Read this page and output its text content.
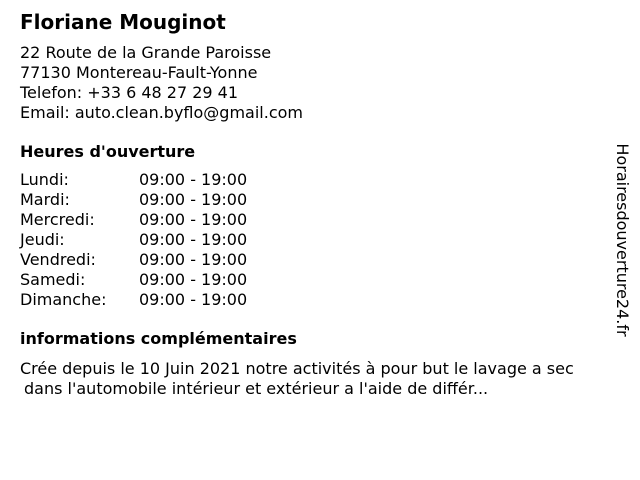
Floriane Mouginot
22 Route de la Grande Paroisse
77130 Montereau-Fault-Yonne
Telefon: +33 6 48 27 29 41
Email: auto.clean.byflo@gmail.com
Heures d'ouverture
Lundi:	09:00 - 19:00
Mardi:	09:00 - 19:00
Mercredi:	09:00 - 19:00
Jeudi:	09:00 - 19:00
Vendredi:	09:00 - 19:00
Samedi:	09:00 - 19:00
Dimanche:	09:00 - 19:00
informations complémentaires
Crée depuis le 10 Juin 2021 notre activités à pour but le lavage a sec
dans l'automobile intérieur et extérieur a l'aide de différ...
Horairesdouverture24.fr
